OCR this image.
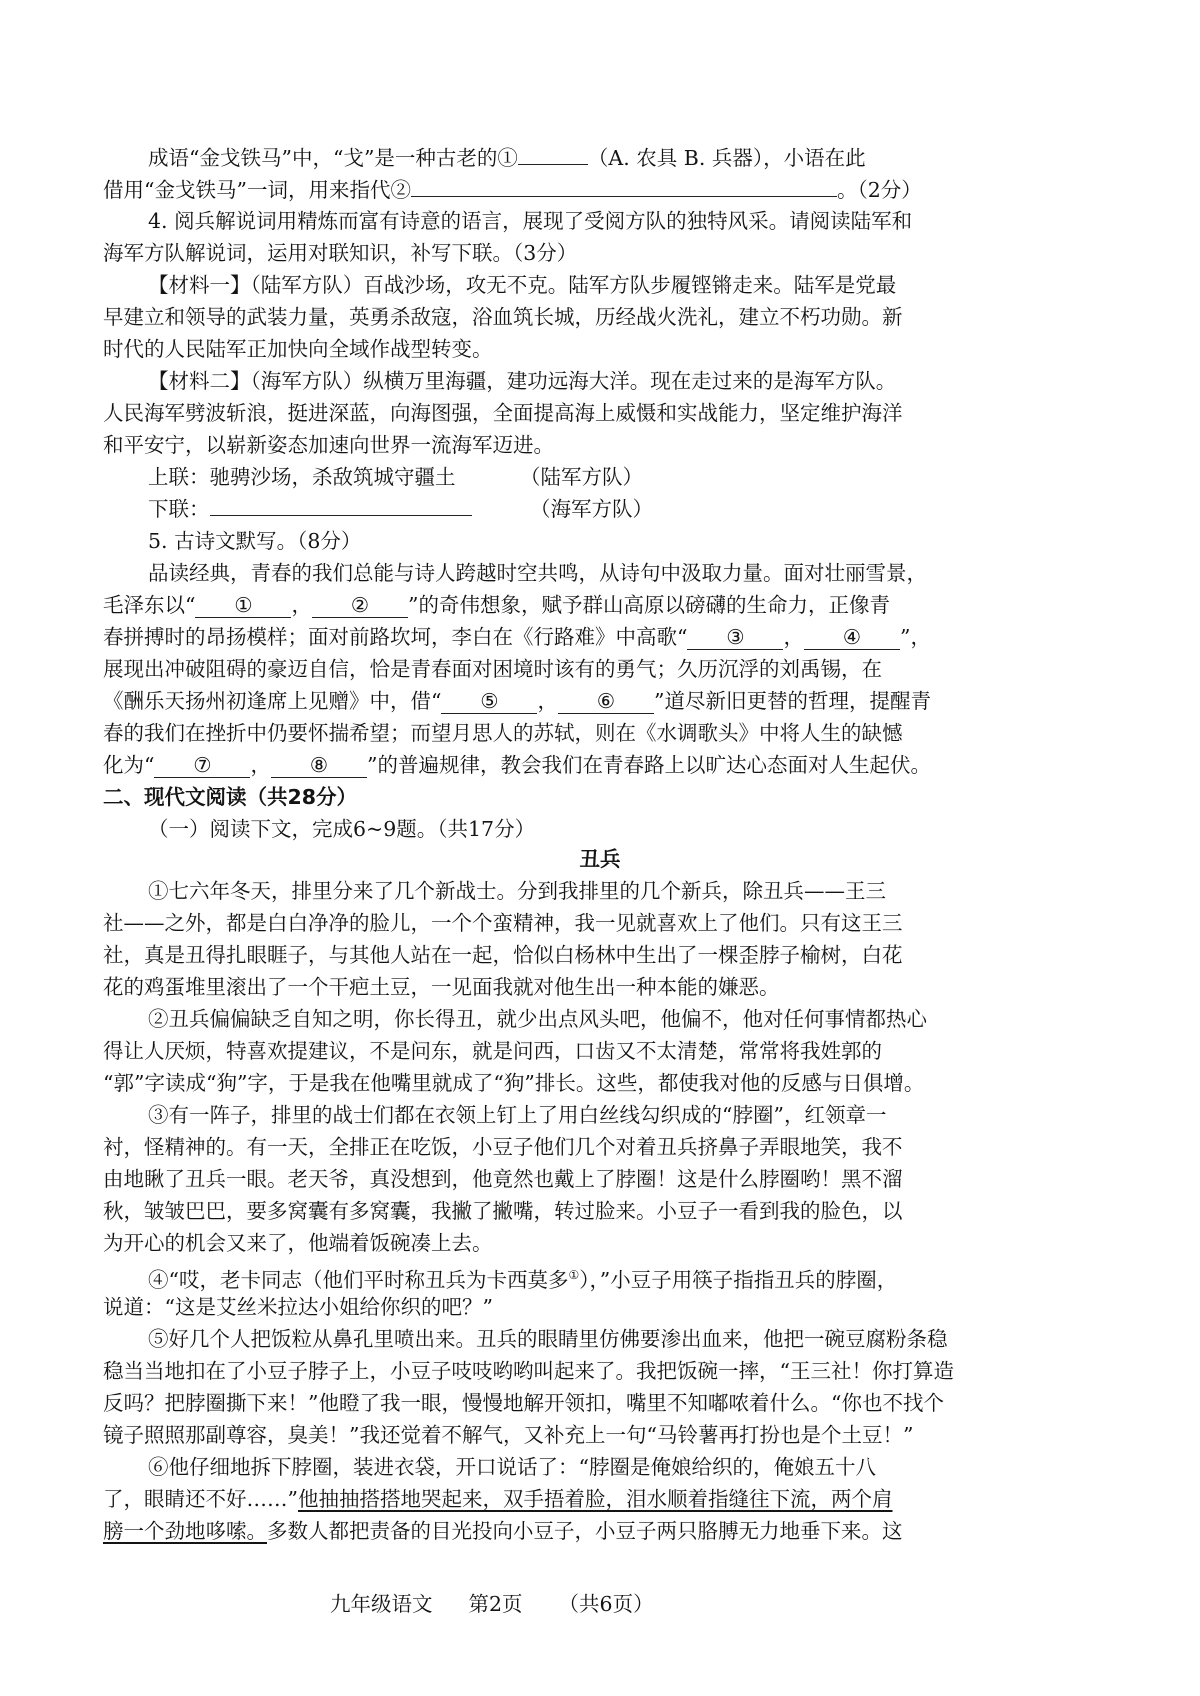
成语“金戈铁马”中，“戈”是一种古老的①	（A. 农具 B. 兵器），小语在此
借用“金戈铁马”一词，用来指代②	。（2分）
4. 阅兵解说词用精炼而富有诗意的语言，展现了受阅方队的独特风采。请阅读陆军和
海军方队解说词，运用对联知识，补写下联。（3分）
【材料一】（陆军方队）百战沙场，攻无不克。陆军方队步履铿锵走来。陆军是党最
早建立和领导的武装力量，英勇杀敌寇，浴血筑长城，历经战火洗礼，建立不朽功勋。新
时代的人民陆军正加快向全域作战型转变。
【材料二】（海军方队）纵横万里海疆，建功远海大洋。现在走过来的是海军方队。
人民海军劈波斩浪，挺进深蓝，向海图强，全面提高海上威慑和实战能力，坚定维护海洋
和平安宁，以崭新姿态加速向世界一流海军迈进。
上联：驰骋沙场，杀敌筑城守疆土	（陆军方队）
下联：	（海军方队）
5. 古诗文默写。（8分）
品读经典，青春的我们总能与诗人跨越时空共鸣，从诗句中汲取力量。面对壮丽雪景，
毛泽东以“ ① ， ② ”的奇伟想象，赋予群山高原以磅礴的生命力，正像青
春拼搏时的昂扬模样；面对前路坎坷，李白在《行路难》中高歌“ ③ ， ④ ”，
展现出冲破阻碍的豪迈自信，恰是青春面对困境时该有的勇气；久历沉浮的刘禹锡，在
《酬乐天扬州初逢席上见赠》中，借“ ⑤ ， ⑥ ”道尽新旧更替的哲理，提醒青
春的我们在挫折中仍要怀揣希望；而望月思人的苏轼，则在《水调歌头》中将人生的缺憾
化为“ ⑦ ， ⑧ ”的普遍规律，教会我们在青春路上以旷达心态面对人生起伏。
二、现代文阅读（共28分）
（一）阅读下文，完成6~9题。（共17分）
丑兵
①七六年冬天，排里分来了几个新战士。分到我排里的几个新兵，除丑兵——王三
社——之外，都是白白净净的脸儿，一个个蛮精神，我一见就喜欢上了他们。只有这王三
社，真是丑得扎眼睚子，与其他人站在一起，恰似白杨林中生出了一棵歪脖子榆树，白花
花的鸡蛋堆里滚出了一个干疤土豆，一见面我就对他生出一种本能的嫌恶。
②丑兵偏偏缺乏自知之明，你长得丑，就少出点风头吧，他偏不，他对任何事情都热心
得让人厌烦，特喜欢提建议，不是问东，就是问西，口齿又不太清楚，常常将我姓郭的
“郭”字读成“狗”字，于是我在他嘴里就成了“狗”排长。这些，都使我对他的反感与日俱增。
③有一阵子，排里的战士们都在衣领上钉上了用白丝线勾织成的“脖圈”，红领章一
衬，怪精神的。有一天，全排正在吃饭，小豆子他们几个对着丑兵挤鼻子弄眼地笑，我不
由地瞅了丑兵一眼。老天爷，真没想到，他竟然也戴上了脖圈！这是什么脖圈哟！黑不溜
秋，皱皱巴巴，要多窝囊有多窝囊，我撇了撇嘴，转过脸来。小豆子一看到我的脸色，以
为开心的机会又来了，他端着饭碗凑上去。
④“哎，老卡同志（他们平时称丑兵为卡西莫多①），”小豆子用筷子指指丑兵的脖圈，
说道：“这是艾丝米拉达小姐给你织的吧？”
⑤好几个人把饭粒从鼻孔里喷出来。丑兵的眼睛里仿佛要渗出血来，他把一碗豆腐粉条稳
稳当当地扣在了小豆子脖子上，小豆子吱吱哟哟叫起来了。我把饭碗一摔，“王三社！你打算造
反吗？把脖圈撕下来！”他瞪了我一眼，慢慢地解开领扣，嘴里不知嘟哝着什么。“你也不找个
镜子照照那副尊容，臭美！”我还觉着不解气，又补充上一句“马铃薯再打扮也是个土豆！”
⑥他仔细地拆下脖圈，装进衣袋，开口说话了：“脖圈是俺娘给织的，俺娘五十八
了，眼睛还不好……”他抽抽搭搭地哭起来，双手捂着脸，泪水顺着指缝往下流，两个肩
膀一个劲地哆嗦。多数人都把责备的目光投向小豆子，小豆子两只胳膊无力地垂下来。这
九年级语文 第2页 （共6页）
